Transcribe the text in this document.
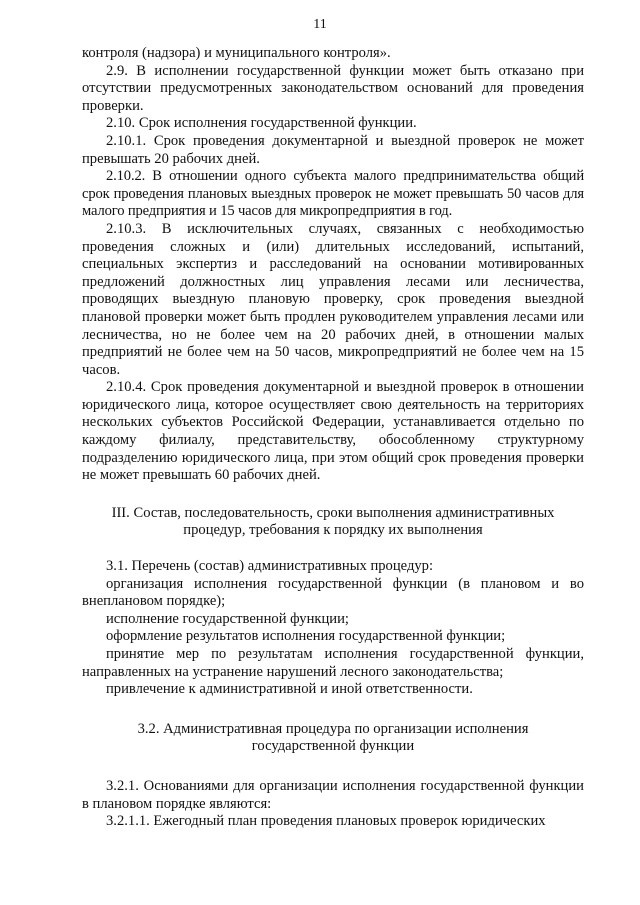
11

контроля (надзора) и муниципального контроля».

2.9. В исполнении государственной функции может быть отказано при отсутствии предусмотренных законодательством оснований для проведения проверки.

2.10. Срок исполнения государственной функции.

2.10.1. Срок проведения документарной и выездной проверок не может превышать 20 рабочих дней.

2.10.2. В отношении одного субъекта малого предпринимательства общий срок проведения плановых выездных проверок не может превышать 50 часов для малого предприятия и 15 часов для микропредприятия в год.

2.10.3. В исключительных случаях, связанных с необходимостью проведения сложных и (или) длительных исследований, испытаний, специальных экспертиз и расследований на основании мотивированных предложений должностных лиц управления лесами или лесничества, проводящих выездную плановую проверку, срок проведения выездной плановой проверки может быть продлен руководителем управления лесами или лесничества, но не более чем на 20 рабочих дней, в отношении малых предприятий не более чем на 50 часов, микропредприятий не более чем на 15 часов.

2.10.4. Срок проведения документарной и выездной проверок в отношении юридического лица, которое осуществляет свою деятельность на территориях нескольких субъектов Российской Федерации, устанавливается отдельно по каждому филиалу, представительству, обособленному структурному подразделению юридического лица, при этом общий срок проведения проверки не может превышать 60 рабочих дней.

III. Состав, последовательность, сроки выполнения административных

процедур, требования к порядку их выполнения

3.1. Перечень (состав) административных процедур:

организация исполнения государственной функции (в плановом и во внеплановом порядке);

исполнение государственной функции;

оформление результатов исполнения государственной функции;

принятие мер по результатам исполнения государственной функции, направленных на устранение нарушений лесного законодательства;

привлечение к административной и иной ответственности.

3.2. Административная процедура по организации исполнения

государственной функции

3.2.1. Основаниями для организации исполнения государственной функции в плановом порядке являются:

3.2.1.1. Ежегодный план проведения плановых проверок юридических
